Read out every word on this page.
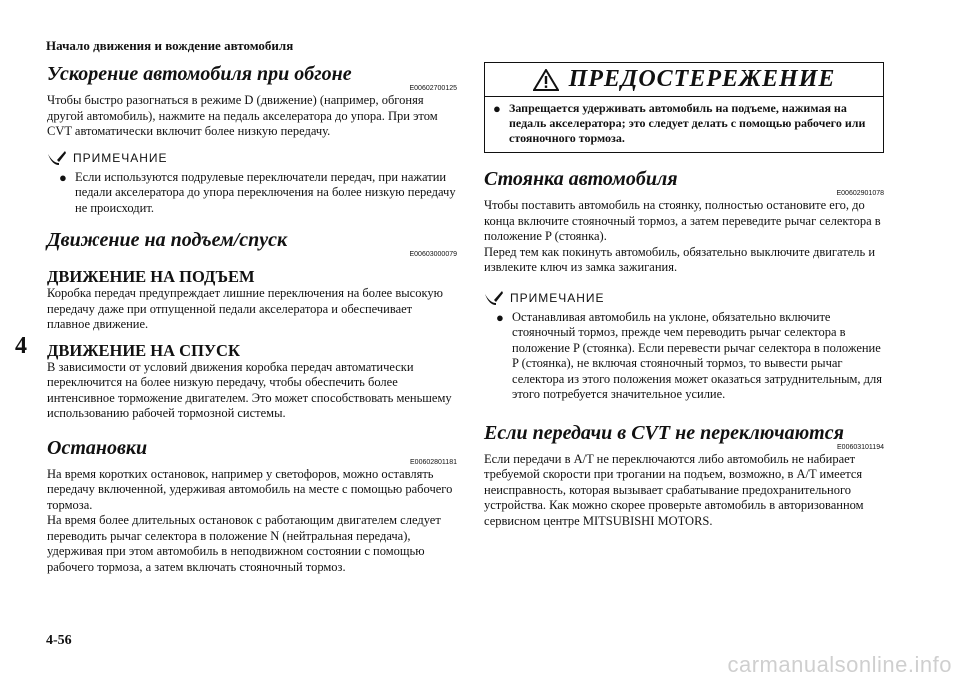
Начало движения и вождение автомобиля
4
4-56
Ускорение автомобиля при обгоне
E00602700125

Чтобы быстро разогнаться в режиме D (движение) (например, обгоняя другой автомобиль), нажмите на педаль акселератора до упора. При этом CVT автоматически включит более низкую передачу.

ПРИМЕЧАНИЕ
● Если используются подрулевые переключатели передач, при нажатии педали акселератора до упора переключения на более низкую передачу не происходит.

Движение на подъем/спуск
E00603000079
ДВИЖЕНИЕ НА ПОДЪЕМ

Коробка передач предупреждает лишние переключения на более высокую передачу даже при отпущенной педали акселератора и обеспечивает плавное движение.

ДВИЖЕНИЕ НА СПУСК

В зависимости от условий движения коробка передач автоматически переключится на более низкую передачу, чтобы обеспечить более интенсивное торможение двигателем. Это может способствовать меньшему использованию рабочей тормозной системы.

Остановки
E00602801181

На время коротких остановок, например у светофоров, можно оставлять передачу включенной, удерживая автомобиль на месте с помощью рабочего тормоза.

На время более длительных остановок с работающим двигателем следует переводить рычаг селектора в положение N (нейтральная передача), удерживая при этом автомобиль в неподвижном состоянии с помощью рабочего тормоза, а затем включать стояночный тормоз.

ПРЕДОСТЕРЕЖЕНИЕ
● Запрещается удерживать автомобиль на подъеме, нажимая на педаль акселератора; это следует делать с помощью рабочего или стояночного тормоза.

Стоянка автомобиля
E00602901078

Чтобы поставить автомобиль на стоянку, полностью остановите его, до конца включите стояночный тормоз, а затем переведите рычаг селектора в положение P (стоянка).

Перед тем как покинуть автомобиль, обязательно выключите двигатель и извлеките ключ из замка зажигания.

ПРИМЕЧАНИЕ
● Останавливая автомобиль на уклоне, обязательно включите стояночный тормоз, прежде чем переводить рычаг селектора в положение P (стоянка). Если перевести рычаг селектора в положение P (стоянка), не включая стояночный тормоз, то вывести рычаг селектора из этого положения может оказаться затруднительным, для этого потребуется значительное усилие.

Если передачи в CVT не переключаются
E00603101194

Если передачи в A/T не переключаются либо автомобиль не набирает требуемой скорости при трогании на подъем, возможно, в A/T имеется неисправность, которая вызывает срабатывание предохранительного устройства. Как можно скорее проверьте автомобиль в авторизованном сервисном центре MITSUBISHI MOTORS.

carmanualsonline.info
